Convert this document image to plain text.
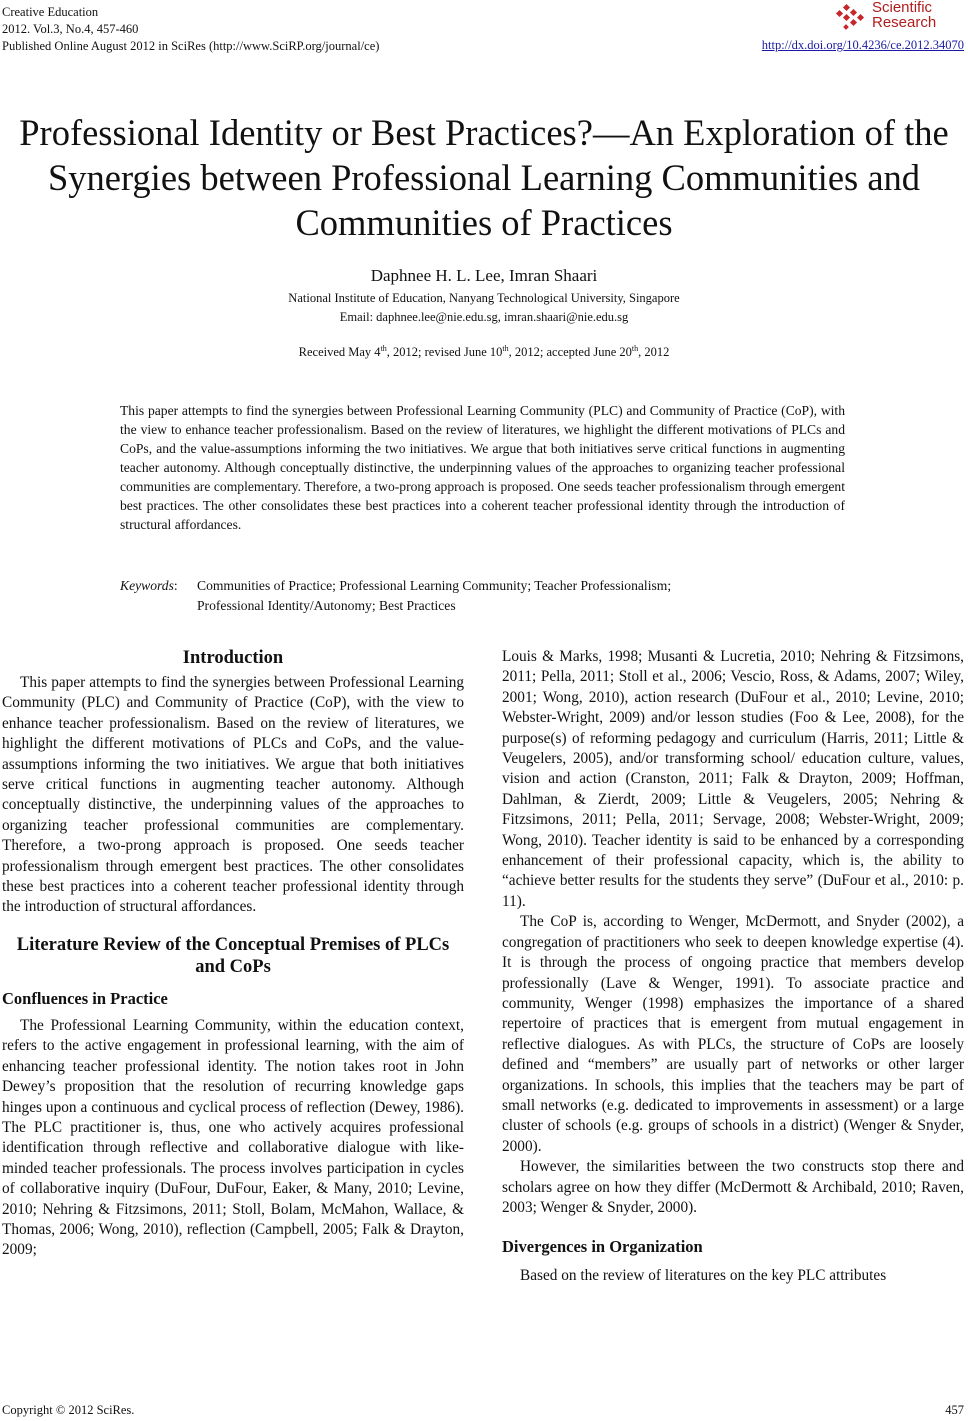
Creative Education
2012. Vol.3, No.4, 457-460
Published Online August 2012 in SciRes (http://www.SciRP.org/journal/ce)
Scientific
Research
http://dx.doi.org/10.4236/ce.2012.34070
Professional Identity or Best Practices?—An Exploration of the
Synergies between Professional Learning Communities and
Communities of Practices
Daphnee H. L. Lee, Imran Shaari
National Institute of Education, Nanyang Technological University, Singapore
Email: daphnee.lee@nie.edu.sg, imran.shaari@nie.edu.sg
Received May 4th, 2012; revised June 10th, 2012; accepted June 20th, 2012

This paper attempts to find the synergies between Professional Learning Community (PLC) and Community of Practice (CoP), with the view to enhance teacher professionalism. Based on the review of literatures, we highlight the different motivations of PLCs and CoPs, and the value-assumptions informing the two initiatives. We argue that both initiatives serve critical functions in augmenting teacher autonomy. Although conceptually distinctive, the underpinning values of the approaches to organizing teacher professional communities are complementary. Therefore, a two-prong approach is proposed. One seeds teacher professionalism through emergent best practices. The other consolidates these best practices into a coherent teacher professional identity through the introduction of structural affordances.

Keywords: Communities of Practice; Professional Learning Community; Teacher Professionalism;
Professional Identity/Autonomy; Best Practices
Introduction

This paper attempts to find the synergies between Professional Learning Community (PLC) and Community of Practice (CoP), with the view to enhance teacher professionalism. Based on the review of literatures, we highlight the different motivations of PLCs and CoPs, and the value-assumptions informing the two initiatives. We argue that both initiatives serve critical functions in augmenting teacher autonomy. Although conceptually distinctive, the underpinning values of the approaches to organizing teacher professional communities are complementary. Therefore, a two-prong approach is proposed. One seeds teacher professionalism through emergent best practices. The other consolidates these best practices into a coherent teacher professional identity through the introduction of structural affordances.

Literature Review of the Conceptual Premises of PLCs and CoPs
Confluences in Practice

The Professional Learning Community, within the education context, refers to the active engagement in professional learning, with the aim of enhancing teacher professional identity. The notion takes root in John Dewey’s proposition that the resolution of recurring knowledge gaps hinges upon a continuous and cyclical process of reflection (Dewey, 1986). The PLC practitioner is, thus, one who actively acquires professional identification through reflective and collaborative dialogue with like-minded teacher professionals. The process involves participation in cycles of collaborative inquiry (DuFour, DuFour, Eaker, & Many, 2010; Levine, 2010; Nehring & Fitzsimons, 2011; Stoll, Bolam, McMahon, Wallace, & Thomas, 2006; Wong, 2010), reflection (Campbell, 2005; Falk & Drayton, 2009;

Louis & Marks, 1998; Musanti & Lucretia, 2010; Nehring & Fitzsimons, 2011; Pella, 2011; Stoll et al., 2006; Vescio, Ross, & Adams, 2007; Wiley, 2001; Wong, 2010), action research (DuFour et al., 2010; Levine, 2010; Webster-Wright, 2009) and/or lesson studies (Foo & Lee, 2008), for the purpose(s) of reforming pedagogy and curriculum (Harris, 2011; Little & Veugelers, 2005), and/or transforming school/ education culture, values, vision and action (Cranston, 2011; Falk & Drayton, 2009; Hoffman, Dahlman, & Zierdt, 2009; Little & Veugelers, 2005; Nehring & Fitzsimons, 2011; Pella, 2011; Servage, 2008; Webster-Wright, 2009; Wong, 2010). Teacher identity is said to be enhanced by a corresponding enhancement of their professional capacity, which is, the ability to “achieve better results for the students they serve” (DuFour et al., 2010: p. 11).

The CoP is, according to Wenger, McDermott, and Snyder (2002), a congregation of practitioners who seek to deepen knowledge expertise (4). It is through the process of ongoing practice that members develop professionally (Lave & Wenger, 1991). To associate practice and community, Wenger (1998) emphasizes the importance of a shared repertoire of practices that is emergent from mutual engagement in reflective dialogues. As with PLCs, the structure of CoPs are loosely defined and “members” are usually part of networks or other larger organizations. In schools, this implies that the teachers may be part of small networks (e.g. dedicated to improvements in assessment) or a large cluster of schools (e.g. groups of schools in a district) (Wenger & Snyder, 2000).

However, the similarities between the two constructs stop there and scholars agree on how they differ (McDermott & Archibald, 2010; Raven, 2003; Wenger & Snyder, 2000).

Divergences in Organization

Based on the review of literatures on the key PLC attributes

Copyright © 2012 SciRes.	457
